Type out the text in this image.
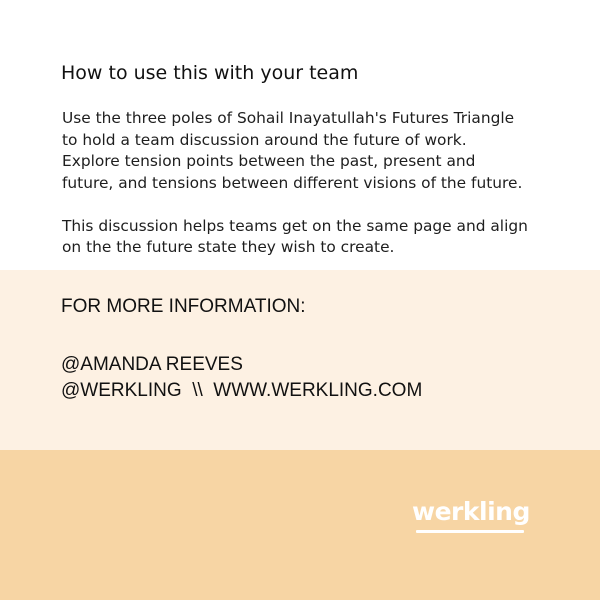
How to use this with your team

Use the three poles of Sohail Inayatullah's Futures Triangle
to hold a team discussion around the future of work.
Explore tension points between the past, present and
future, and tensions between different visions of the future.

This discussion helps teams get on the same page and align
on the the future state they wish to create.

FOR MORE INFORMATION:
@AMANDA REEVES
@WERKLING  \\  WWW.WERKLING.COM
werkling
